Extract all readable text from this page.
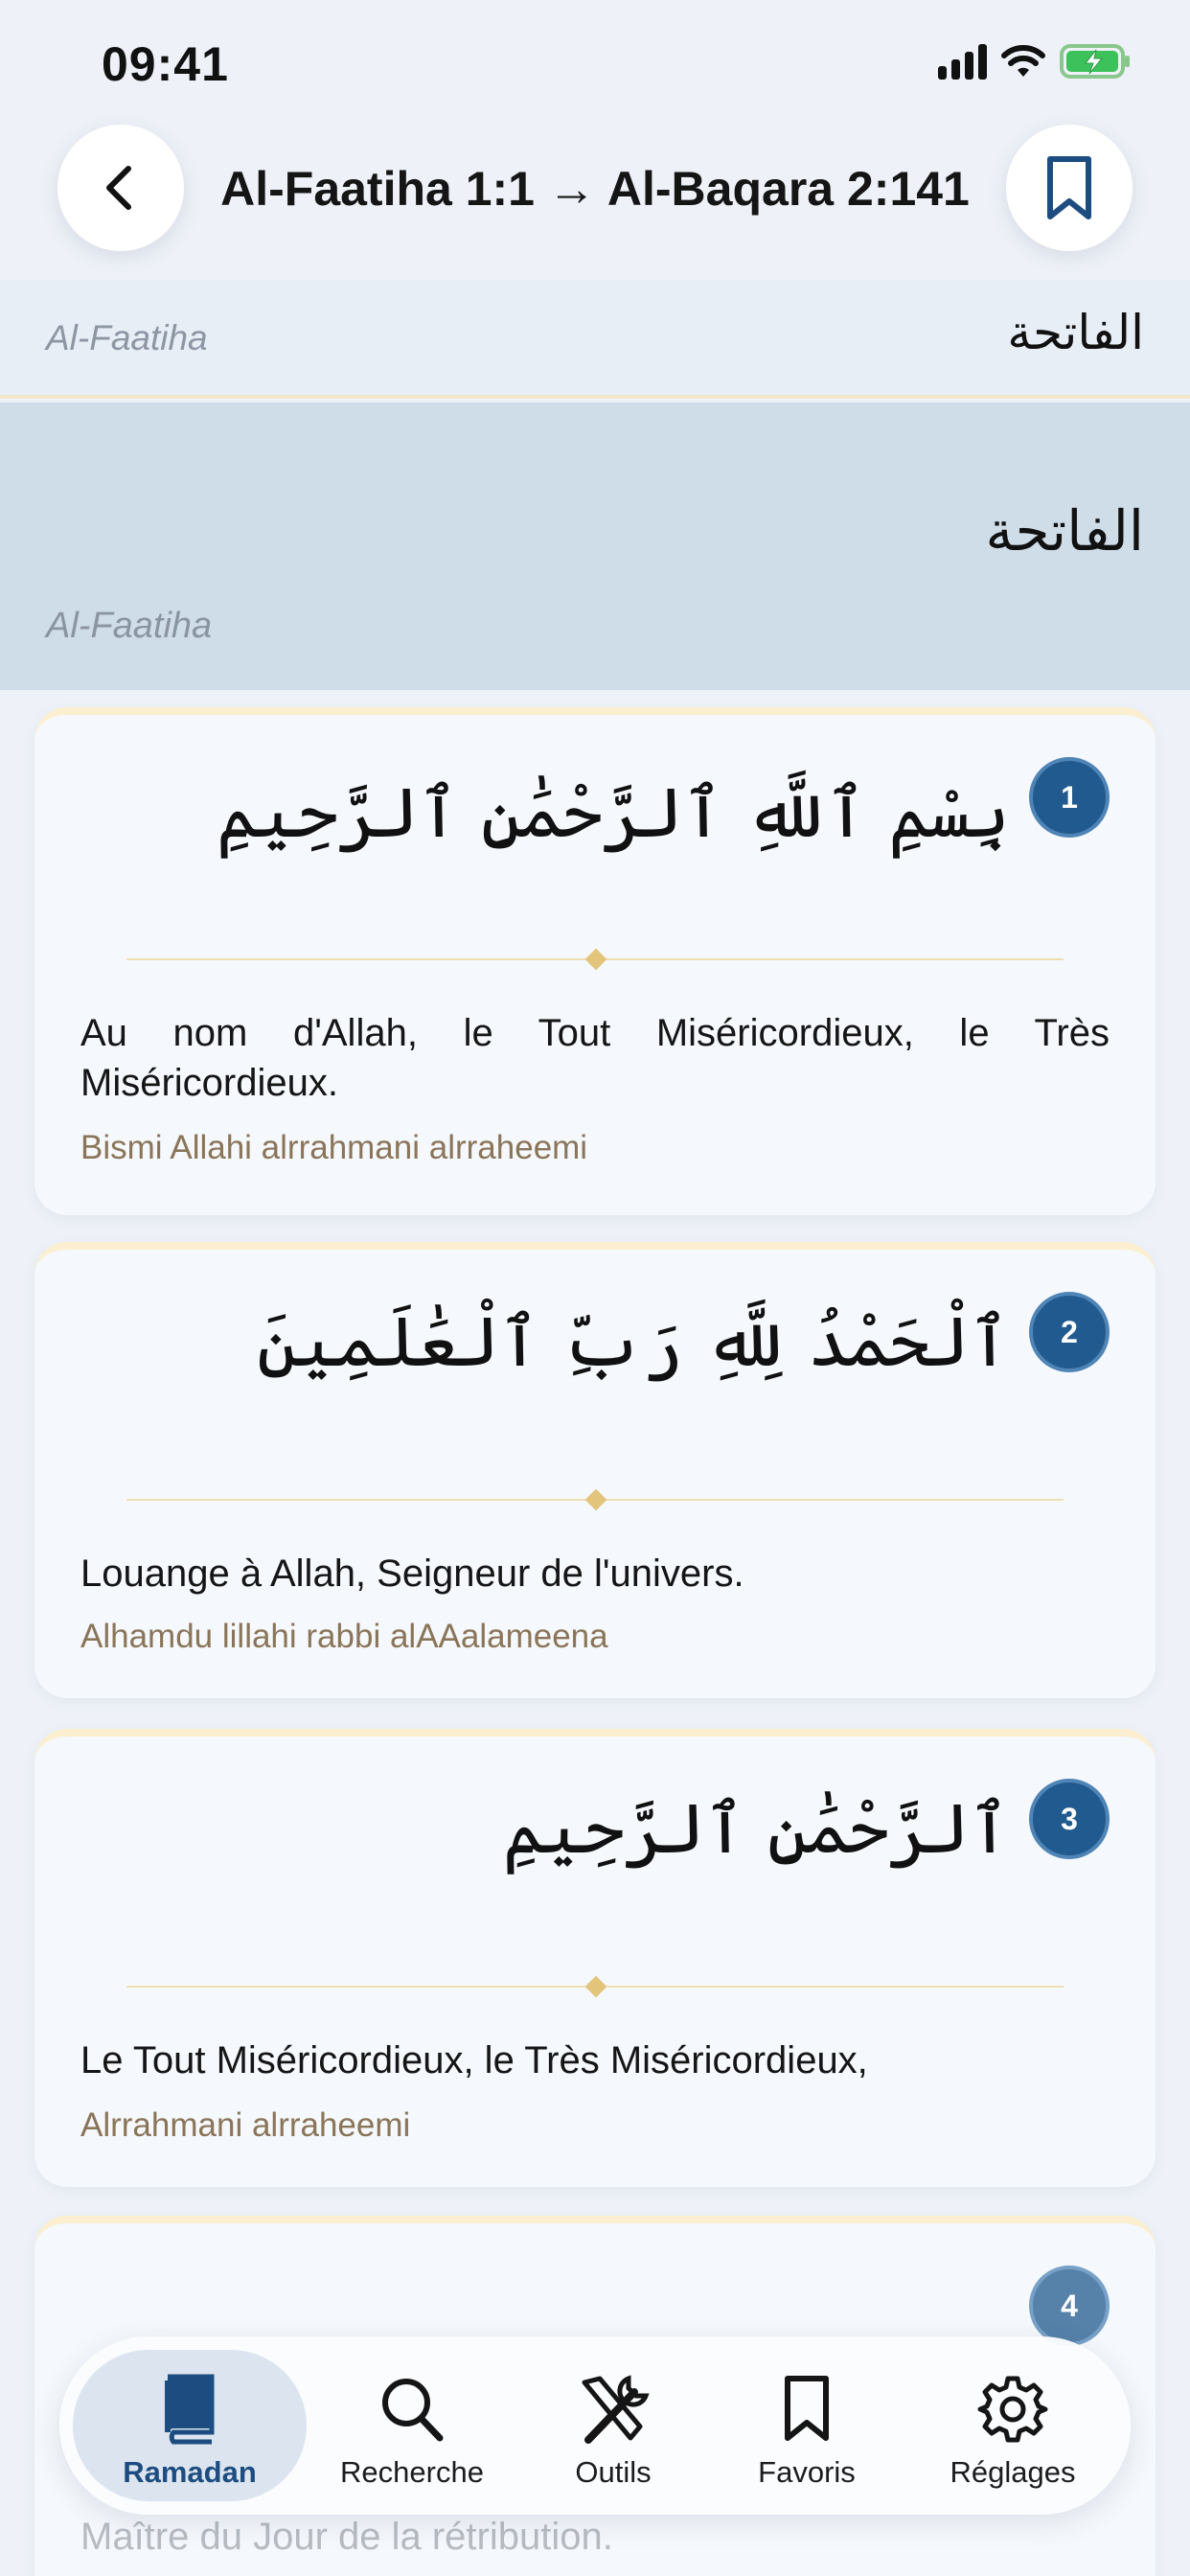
09:41
Al-Faatiha 1:1 → Al-Baqara 2:141
Al-Faatiha	الفاتحة
الفاتحة
Al-Faatiha
1
بِسْمِ ٱللَّهِ ٱلرَّحْمَٰنِ ٱلرَّحِيمِ
Au nom d'Allah, le Tout Miséricordieux, le Très Miséricordieux.
Bismi Allahi alrrahmani alrraheemi
2
ٱلْحَمْدُ لِلَّهِ رَبِّ ٱلْعَٰلَمِينَ
Louange à Allah, Seigneur de l'univers.
Alhamdu lillahi rabbi alAAalameena
3
ٱلرَّحْمَٰنِ ٱلرَّحِيمِ
Le Tout Miséricordieux, le Très Miséricordieux,
Alrrahmani alrraheemi
4
Maître du Jour de la rétribution.
Ramadan	Recherche	Outils	Favoris	Réglages
